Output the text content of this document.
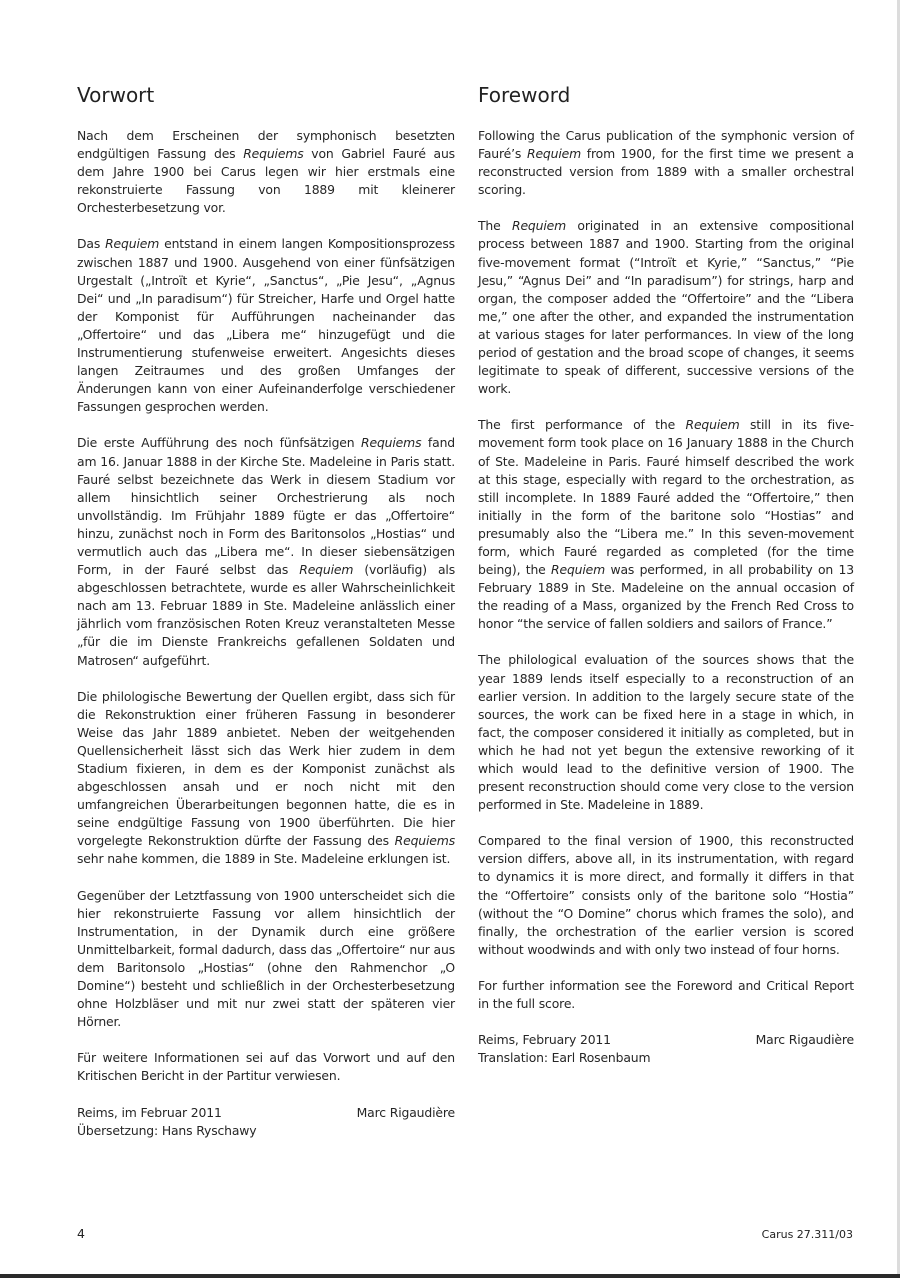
Vorwort
Nach dem Erscheinen der symphonisch besetzten endgültigen Fassung des Requiems von Gabriel Fauré aus dem Jahre 1900 bei Carus legen wir hier erstmals eine rekonstruierte Fassung von 1889 mit kleinerer Orchesterbesetzung vor.
Das Requiem entstand in einem langen Kompositionsprozess zwischen 1887 und 1900. Ausgehend von einer fünfsätzigen Urgestalt („Introït et Kyrie“, „Sanctus“, „Pie Jesu“, „Agnus Dei“ und „In paradisum“) für Streicher, Harfe und Orgel hatte der Komponist für Aufführungen nacheinander das „Offertoire“ und das „Libera me“ hinzugefügt und die Instrumentierung stufenweise erweitert. Angesichts dieses langen Zeitraumes und des großen Umfanges der Änderungen kann von einer Aufeinanderfolge verschiedener Fassungen gesprochen werden.
Die erste Aufführung des noch fünfsätzigen Requiems fand am 16. Januar 1888 in der Kirche Ste. Madeleine in Paris statt. Fauré selbst bezeichnete das Werk in diesem Stadium vor allem hinsichtlich seiner Orchestrierung als noch unvollständig. Im Frühjahr 1889 fügte er das „Offertoire“ hinzu, zunächst noch in Form des Baritonsolos „Hostias“ und vermutlich auch das „Libera me“. In dieser siebensätzigen Form, in der Fauré selbst das Requiem (vorläufig) als abgeschlossen betrachtete, wurde es aller Wahrscheinlichkeit nach am 13. Februar 1889 in Ste. Madeleine anlässlich einer jährlich vom französischen Roten Kreuz veranstalteten Messe „für die im Dienste Frankreichs gefallenen Soldaten und Matrosen“ aufgeführt.
Die philologische Bewertung der Quellen ergibt, dass sich für die Rekonstruktion einer früheren Fassung in besonderer Weise das Jahr 1889 anbietet. Neben der weitgehenden Quellensicherheit lässt sich das Werk hier zudem in dem Stadium fixieren, in dem es der Komponist zunächst als abgeschlossen ansah und er noch nicht mit den umfangreichen Überarbeitungen begonnen hatte, die es in seine endgültige Fassung von 1900 überführten. Die hier vorgelegte Rekonstruktion dürfte der Fassung des Requiems sehr nahe kommen, die 1889 in Ste. Madeleine erklungen ist.
Gegenüber der Letztfassung von 1900 unterscheidet sich die hier rekonstruierte Fassung vor allem hinsichtlich der Instrumentation, in der Dynamik durch eine größere Unmittelbarkeit, formal dadurch, dass das „Offertoire“ nur aus dem Baritonsolo „Hostias“ (ohne den Rahmenchor „O Domine“) besteht und schließlich in der Orchesterbesetzung ohne Holzbläser und mit nur zwei statt der späteren vier Hörner.
Für weitere Informationen sei auf das Vorwort und auf den Kritischen Bericht in der Partitur verwiesen.
Reims, im Februar 2011	Marc Rigaudière
Übersetzung: Hans Ryschawy
Foreword
Following the Carus publication of the symphonic version of Fauré’s Requiem from 1900, for the first time we present a reconstructed version from 1889 with a smaller orchestral scoring.
The Requiem originated in an extensive compositional process between 1887 and 1900. Starting from the original five-movement format (“Introït et Kyrie,” “Sanctus,” “Pie Jesu,” “Agnus Dei” and “In paradisum”) for strings, harp and organ, the composer added the “Offertoire” and the “Libera me,” one after the other, and expanded the instrumentation at various stages for later performances. In view of the long period of gestation and the broad scope of changes, it seems legitimate to speak of different, successive versions of the work.
The first performance of the Requiem still in its five-movement form took place on 16 January 1888 in the Church of Ste. Madeleine in Paris. Fauré himself described the work at this stage, especially with regard to the orchestration, as still incomplete. In 1889 Fauré added the “Offertoire,” then initially in the form of the baritone solo “Hostias” and presumably also the “Libera me.” In this seven-movement form, which Fauré regarded as completed (for the time being), the Requiem was performed, in all probability on 13 February 1889 in Ste. Madeleine on the annual occasion of the reading of a Mass, organized by the French Red Cross to honor “the service of fallen soldiers and sailors of France.”
The philological evaluation of the sources shows that the year 1889 lends itself especially to a reconstruction of an earlier version. In addition to the largely secure state of the sources, the work can be fixed here in a stage in which, in fact, the composer considered it initially as completed, but in which he had not yet begun the extensive reworking of it which would lead to the definitive version of 1900. The present reconstruction should come very close to the version performed in Ste. Madeleine in 1889.
Compared to the final version of 1900, this reconstructed version differs, above all, in its instrumentation, with regard to dynamics it is more direct, and formally it differs in that the “Offertoire” consists only of the baritone solo “Hostia” (without the “O Domine” chorus which frames the solo), and finally, the orchestration of the earlier version is scored without woodwinds and with only two instead of four horns.
For further information see the Foreword and Critical Report in the full score.
Reims, February 2011	Marc Rigaudière
Translation: Earl Rosenbaum
4	Carus 27.311/03
